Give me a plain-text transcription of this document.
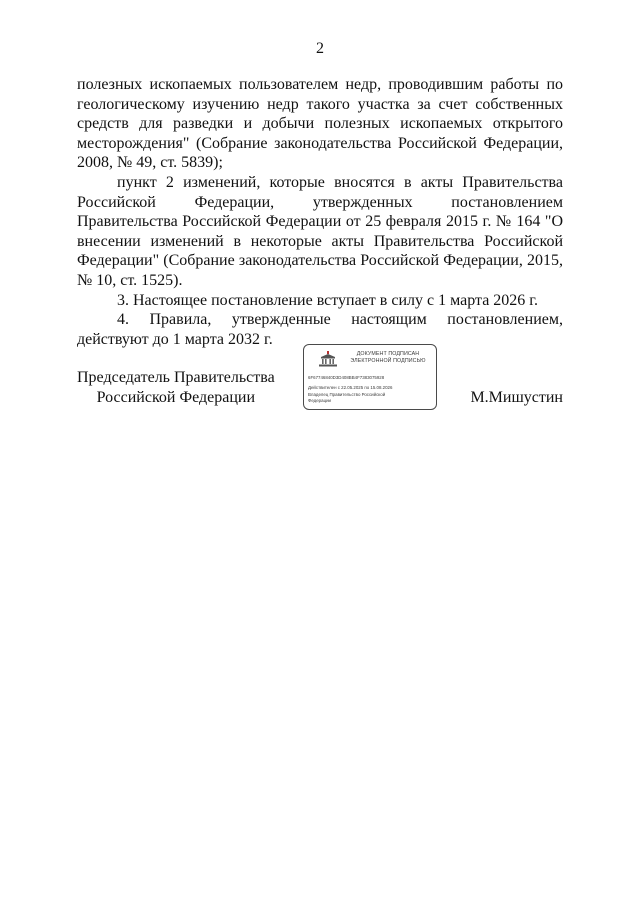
2

полезных ископаемых пользователем недр, проводившим работы по геологическому изучению недр такого участка за счет собственных средств для разведки и добычи полезных ископаемых открытого месторождения" (Собрание законодательства Российской Федерации, 2008, № 49, ст. 5839);

пункт 2 изменений, которые вносятся в акты Правительства Российской Федерации, утвержденных постановлением Правительства Российской Федерации от 25 февраля 2015 г. № 164 "О внесении изменений в некоторые акты Правительства Российской Федерации" (Собрание законодательства Российской Федерации, 2015, № 10, ст. 1525).

3. Настоящее постановление вступает в силу с 1 марта 2026 г.

4. Правила, утвержденные настоящим постановлением, действуют до 1 марта 2032 г.

Председатель Правительства
Российской Федерации
ДОКУМЕНТ ПОДПИСАН
ЭЛЕКТРОННОЙ ПОДПИСЬЮ
6F67746840D3D408BB4F7383075928
Действителен с 22.05.2025 по 15.08.2026
Владелец Правительство Российской
Федерации	М.Мишустин
